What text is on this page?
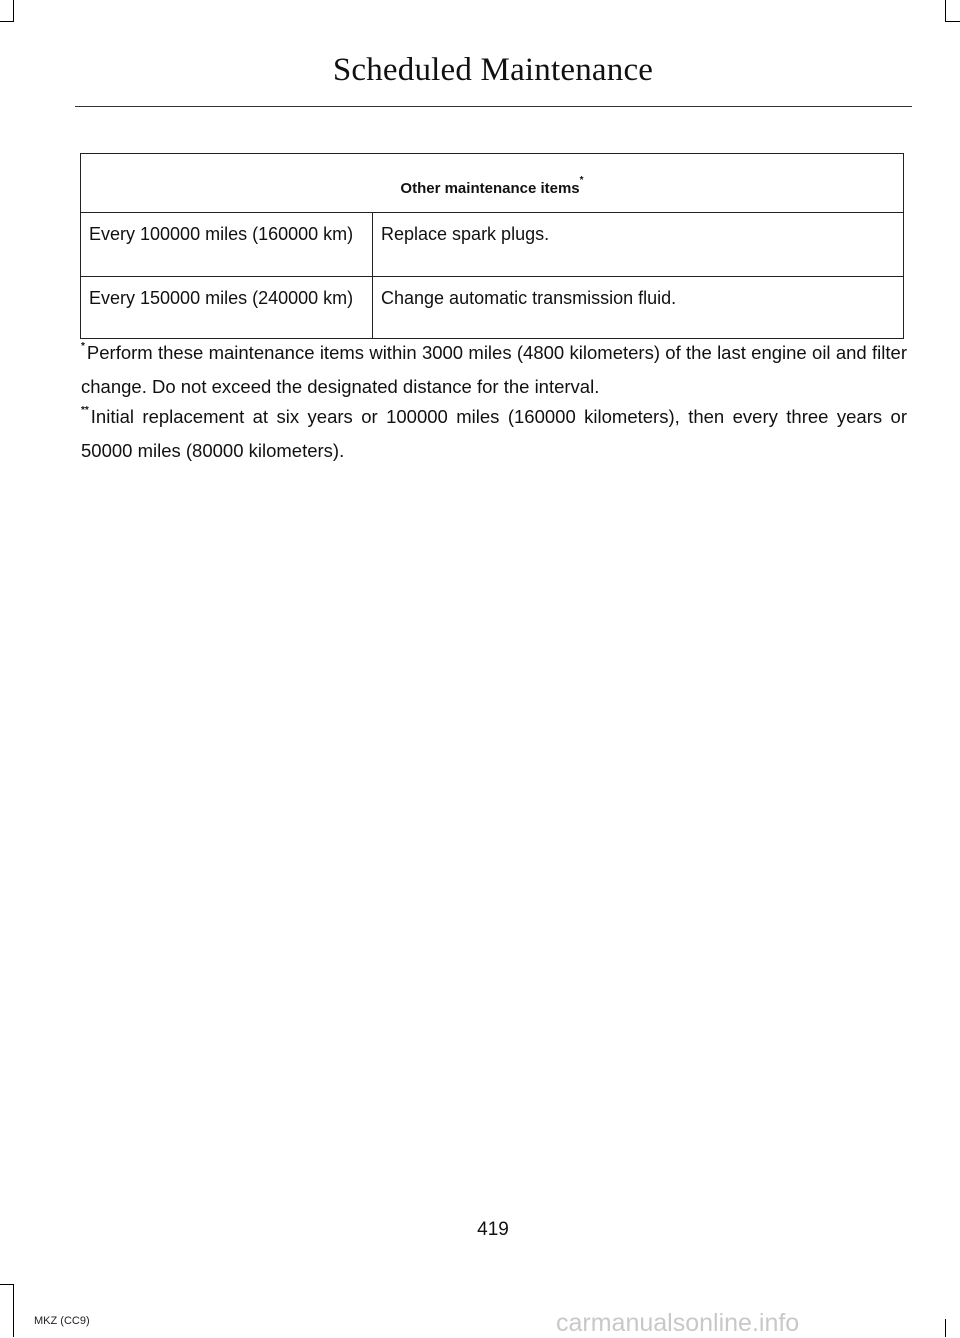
Scheduled Maintenance
Other maintenance items*
Every 100000 miles (160000 km)	Replace spark plugs.
Every 150000 miles (240000 km)	Change automatic transmission fluid.

* Perform these maintenance items within 3000 miles (4800 kilometers) of the last engine oil and filter change. Do not exceed the designated distance for the interval.

** Initial replacement at six years or 100000 miles (160000 kilometers), then every three years or 50000 miles (80000 kilometers).

419
MKZ (CC9)	carmanualsonline.info
